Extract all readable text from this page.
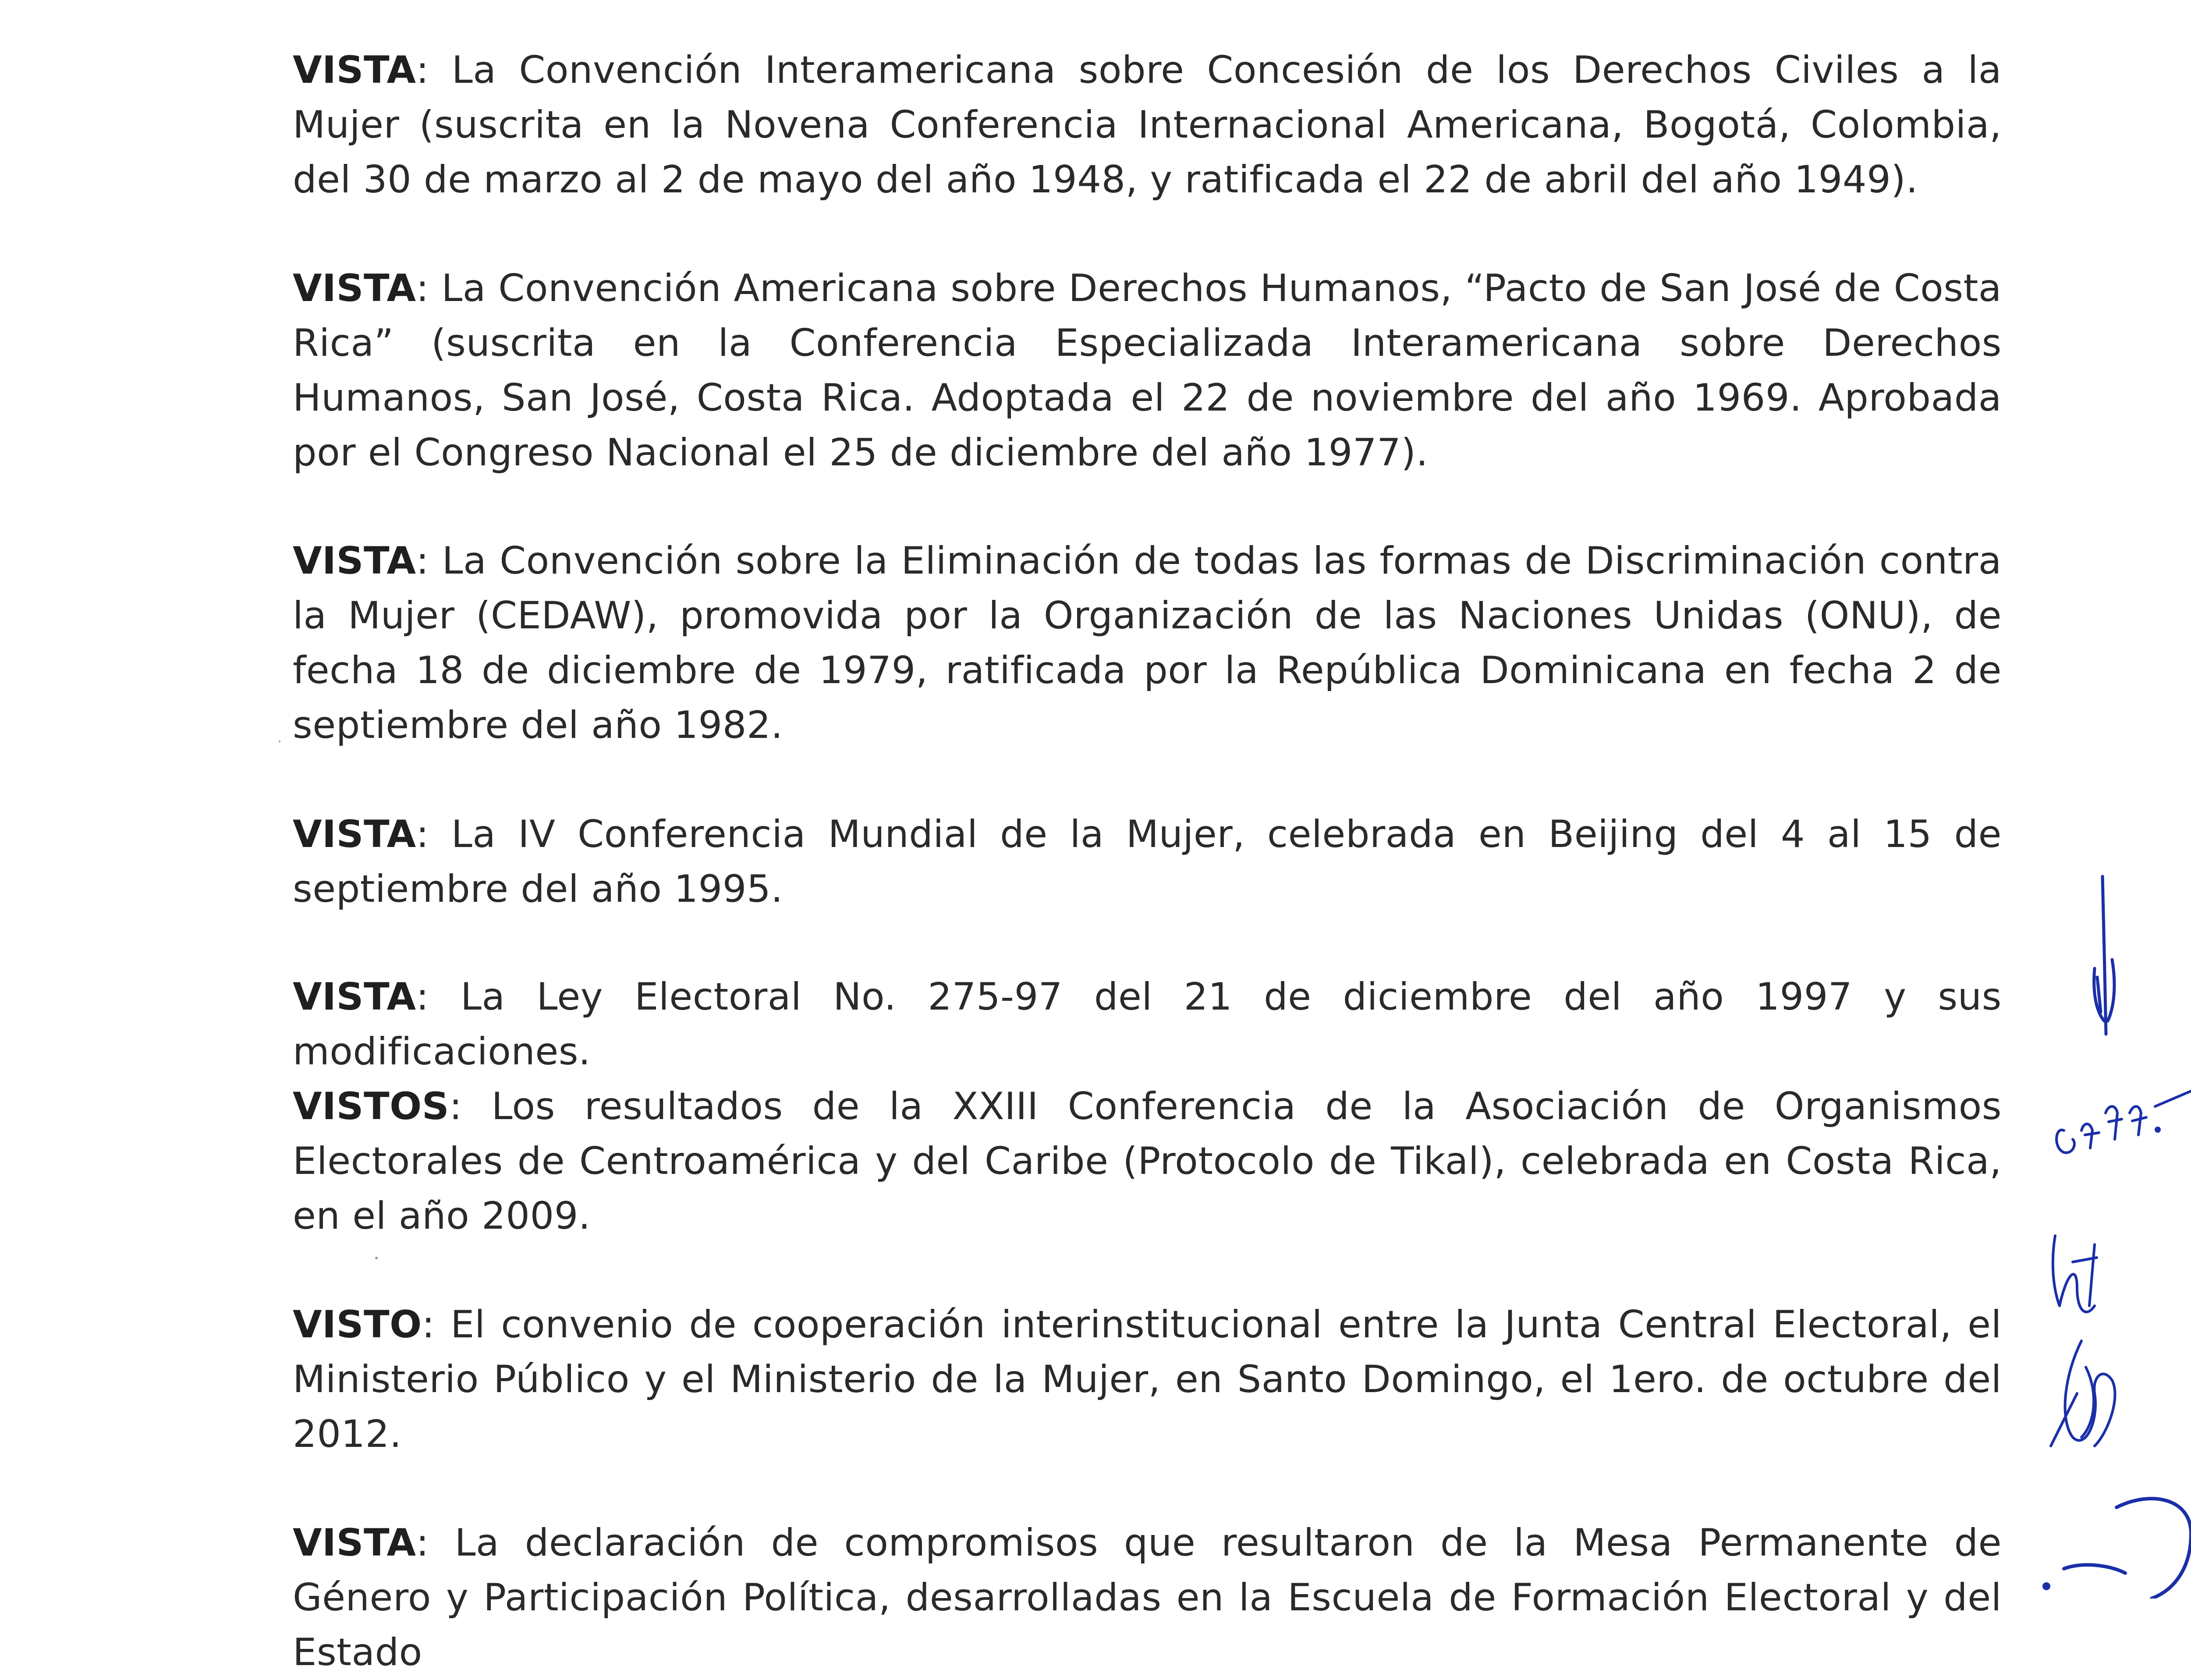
VISTA: La Convención Interamericana sobre Concesión de los Derechos Civiles a la Mujer (suscrita en la Novena Conferencia Internacional Americana, Bogotá, Colombia, del 30 de marzo al 2 de mayo del año 1948, y ratificada el 22 de abril del año 1949).

VISTA: La Convención Americana sobre Derechos Humanos, “Pacto de San José de Costa Rica” (suscrita en la Conferencia Especializada Interamericana sobre Derechos Humanos, San José, Costa Rica. Adoptada el 22 de noviembre del año 1969. Aprobada por el Congreso Nacional el 25 de diciembre del año 1977).

VISTA: La Convención sobre la Eliminación de todas las formas de Discriminación contra la Mujer (CEDAW), promovida por la Organización de las Naciones Unidas (ONU), de fecha 18 de diciembre de 1979, ratificada por la República Dominicana en fecha 2 de septiembre del año 1982.

VISTA: La IV Conferencia Mundial de la Mujer, celebrada en Beijing del 4 al 15 de septiembre del año 1995.

VISTA: La Ley Electoral No. 275-97 del 21 de diciembre del año 1997 y sus modificaciones.

VISTOS: Los resultados de la XXIII Conferencia de la Asociación de Organismos Electorales de Centroamérica y del Caribe (Protocolo de Tikal), celebrada en Costa Rica, en el año 2009.

VISTO: El convenio de cooperación interinstitucional entre la Junta Central Electoral, el Ministerio Público y el Ministerio de la Mujer, en Santo Domingo, el 1ero. de octubre del 2012.

VISTA: La declaración de compromisos que resultaron de la Mesa Permanente de Género y Participación Política, desarrolladas en la Escuela de Formación Electoral y del Estado
